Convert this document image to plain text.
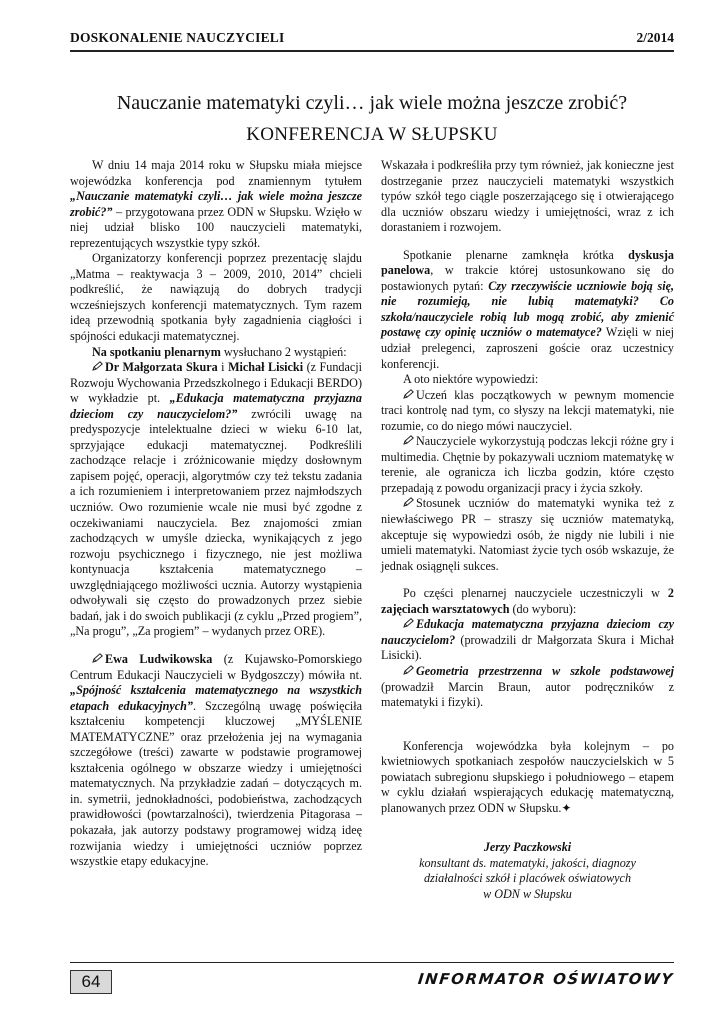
DOSKONALENIE NAUCZYCIELI	2/2014
Nauczanie matematyki czyli… jak wiele można jeszcze zrobić?
KONFERENCJA W SŁUPSKU

W dniu 14 maja 2014 roku w Słupsku miała miejsce wojewódzka konferencja pod znamiennym tytułem „Nauczanie matematyki czyli… jak wiele można jeszcze zrobić?” – przygotowana przez ODN w Słupsku. Wzięło w niej udział blisko 100 nauczycieli matematyki, reprezentujących wszystkie typy szkół.

Organizatorzy konferencji poprzez prezentację slajdu „Matma – reaktywacja 3 – 2009, 2010, 2014” chcieli podkreślić, że nawiązują do dobrych tradycji wcześniejszych konferencji matematycznych. Tym razem ideą przewodnią spotkania były zagadnienia ciągłości i spójności edukacji matematycznej.

Na spotkaniu plenarnym wysłuchano 2 wystąpień:

Dr Małgorzata Skura i Michał Lisicki (z Fundacji Rozwoju Wychowania Przedszkolnego i Edukacji BERDO) w wykładzie pt. „Edukacja matematyczna przyjazna dzieciom czy nauczycielom?” zwrócili uwagę na predyspozycje intelektualne dzieci w wieku 6-10 lat, sprzyjające edukacji matematycznej. Podkreślili zachodzące relacje i zróżnicowanie między dosłownym zapisem pojęć, operacji, algorytmów czy też tekstu zadania a ich rozumieniem i interpretowaniem przez najmłodszych uczniów. Owo rozumienie wcale nie musi być zgodne z oczekiwaniami nauczyciela. Bez znajomości zmian zachodzących w umyśle dziecka, wynikających z jego rozwoju psychicznego i fizycznego, nie jest możliwa kontynuacja kształcenia matematycznego – uwzględniającego możliwości ucznia. Autorzy wystąpienia odwoływali się często do prowadzonych przez siebie badań, jak i do swoich publikacji (z cyklu „Przed progiem”, „Na progu”, „Za progiem” – wydanych przez ORE).

Ewa Ludwikowska (z Kujawsko-Pomorskiego Centrum Edukacji Nauczycieli w Bydgoszczy) mówiła nt. „Spójność kształcenia matematycznego na wszystkich etapach edukacyjnych”. Szczególną uwagę poświęciła kształceniu kompetencji kluczowej „MYŚLENIE MATEMATYCZNE” oraz przełożenia jej na wymagania szczegółowe (treści) zawarte w podstawie programowej kształcenia ogólnego w obszarze wiedzy i umiejętności matematycznych. Na przykładzie zadań – dotyczących m. in. symetrii, jednokładności, podobieństwa, zachodzących prawidłowości (powtarzalności), twierdzenia Pitagorasa – pokazała, jak autorzy podstawy programowej widzą ideę rozwijania wiedzy i umiejętności uczniów poprzez wszystkie etapy edukacyjne.

Wskazała i podkreśliła przy tym również, jak konieczne jest dostrzeganie przez nauczycieli matematyki wszystkich typów szkół tego ciągle poszerzającego się i otwierającego dla uczniów obszaru wiedzy i umiejętności, wraz z ich dorastaniem i rozwojem.

Spotkanie plenarne zamknęła krótka dyskusja panelowa, w trakcie której ustosunkowano się do postawionych pytań: Czy rzeczywiście uczniowie boją się, nie rozumieją, nie lubią matematyki? Co szkoła/nauczyciele robią lub mogą zrobić, aby zmienić postawę czy opinię uczniów o matematyce? Wzięli w niej udział prelegenci, zaproszeni goście oraz uczestnicy konferencji.

A oto niektóre wypowiedzi:

Uczeń klas początkowych w pewnym momencie traci kontrolę nad tym, co słyszy na lekcji matematyki, nie rozumie, co do niego mówi nauczyciel.

Nauczyciele wykorzystują podczas lekcji różne gry i multimedia. Chętnie by pokazywali uczniom matematykę w terenie, ale ogranicza ich liczba godzin, które często przepadają z powodu organizacji pracy i życia szkoły.

Stosunek uczniów do matematyki wynika też z niewłaściwego PR – straszy się uczniów matematyką, akceptuje się wypowiedzi osób, że nigdy nie lubili i nie umieli matematyki. Natomiast życie tych osób wskazuje, że jednak osiągnęli sukces.

Po części plenarnej nauczyciele uczestniczyli w 2 zajęciach warsztatowych (do wyboru):

Edukacja matematyczna przyjazna dzieciom czy nauczycielom? (prowadzili dr Małgorzata Skura i Michał Lisicki).

Geometria przestrzenna w szkole podstawowej (prowadził Marcin Braun, autor podręczników z matematyki i fizyki).

Konferencja wojewódzka była kolejnym – po kwietniowych spotkaniach zespołów nauczycielskich w 5 powiatach subregionu słupskiego i południowego – etapem w cyklu działań wspierających edukację matematyczną, planowanych przez ODN w Słupsku.✦

Jerzy Paczkowski
konsultant ds. matematyki, jakości, diagnozy
działalności szkół i placówek oświatowych
w ODN w Słupsku
64	INFORMATOR OŚWIATOWY
